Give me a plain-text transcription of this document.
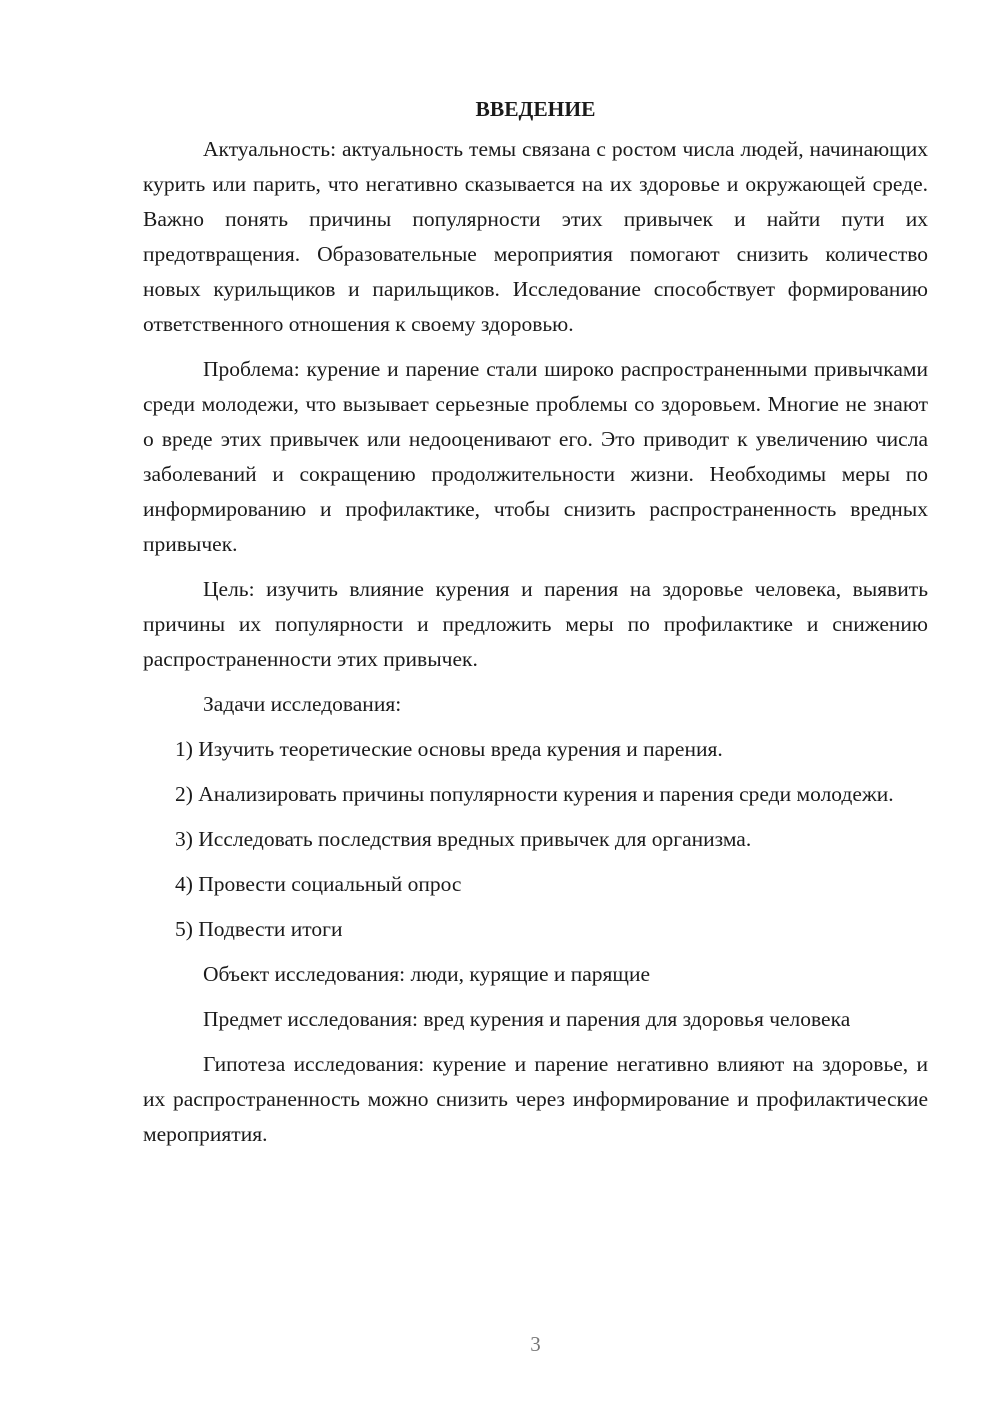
ВВЕДЕНИЕ

Актуальность: актуальность темы связана с ростом числа людей, начинающих курить или парить, что негативно сказывается на их здоровье и окружающей среде. Важно понять причины популярности этих привычек и найти пути их предотвращения. Образовательные мероприятия помогают снизить количество новых курильщиков и парильщиков. Исследование способствует формированию ответственного отношения к своему здоровью.

Проблема: курение и парение стали широко распространенными привычками среди молодежи, что вызывает серьезные проблемы со здоровьем. Многие не знают о вреде этих привычек или недооценивают его. Это приводит к увеличению числа заболеваний и сокращению продолжительности жизни. Необходимы меры по информированию и профилактике, чтобы снизить распространенность вредных привычек.

Цель: изучить влияние курения и парения на здоровье человека, выявить причины их популярности и предложить меры по профилактике и снижению распространенности этих привычек.

Задачи исследования:

1) Изучить теоретические основы вреда курения и парения.

2) Анализировать причины популярности курения и парения среди молодежи.

3) Исследовать последствия вредных привычек для организма.

4) Провести социальный опрос

5) Подвести итоги

Объект исследования: люди, курящие и парящие

Предмет исследования: вред курения и парения для здоровья человека

Гипотеза исследования: курение и парение негативно влияют на здоровье, и их распространенность можно снизить через информирование и профилактические мероприятия.

3
